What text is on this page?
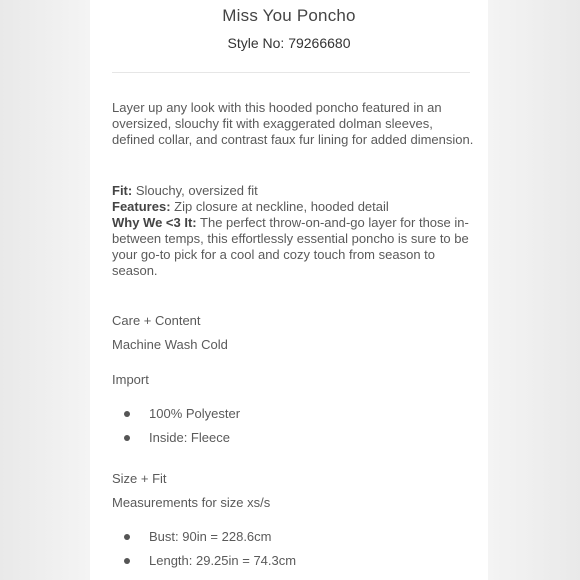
Miss You Poncho
Style No: 79266680
Layer up any look with this hooded poncho featured in an oversized, slouchy fit with exaggerated dolman sleeves, defined collar, and contrast faux fur lining for added dimension.
Fit: Slouchy, oversized fit
Features: Zip closure at neckline, hooded detail
Why We <3 It: The perfect throw-on-and-go layer for those in-between temps, this effortlessly essential poncho is sure to be your go-to pick for a cool and cozy touch from season to season.
Care + Content
Machine Wash Cold
Import
100% Polyester
Inside: Fleece
Size + Fit
Measurements for size xs/s
Bust: 90in = 228.6cm
Length: 29.25in = 74.3cm
